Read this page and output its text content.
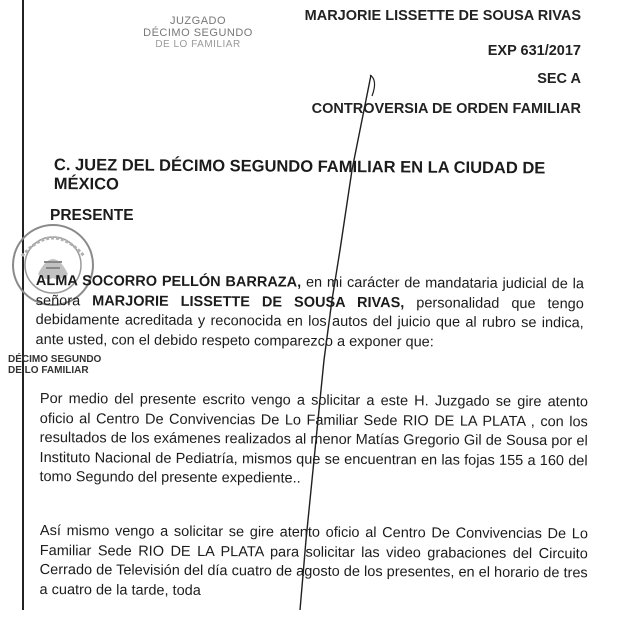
JUZGADO
DÉCIMO SEGUNDO
DE LO FAMILIAR
MARJORIE LISSETTE DE SOUSA RIVAS
EXP 631/2017
SEC A
CONTROVERSIA DE ORDEN FAMILIAR
C. JUEZ DEL DÉCIMO SEGUNDO FAMILIAR EN LA CIUDAD DE MÉXICO
PRESENTE
ALMA SOCORRO PELLÓN BARRAZA, en mi carácter de mandataria judicial de la señora MARJORIE LISSETTE DE SOUSA RIVAS, personalidad que tengo debidamente acreditada y reconocida en los autos del juicio que al rubro se indica, ante usted, con el debido respeto comparezco a exponer que:
DÉCIMO SEGUNDO
DE LO FAMILIAR
Por medio del presente escrito vengo a solicitar a este H. Juzgado se gire atento oficio al Centro De Convivencias De Lo Familiar Sede RIO DE LA PLATA , con los resultados de los exámenes realizados al menor Matías Gregorio Gil de Sousa por el Instituto Nacional de Pediatría, mismos que se encuentran en las fojas 155 a 160 del tomo Segundo del presente expediente..
Así mismo vengo a solicitar se gire atento oficio al Centro De Convivencias De Lo Familiar Sede RIO DE LA PLATA para solicitar las video grabaciones del Circuito Cerrado de Televisión del día cuatro de agosto de los presentes, en el horario de tres a cuatro de la tarde, toda
